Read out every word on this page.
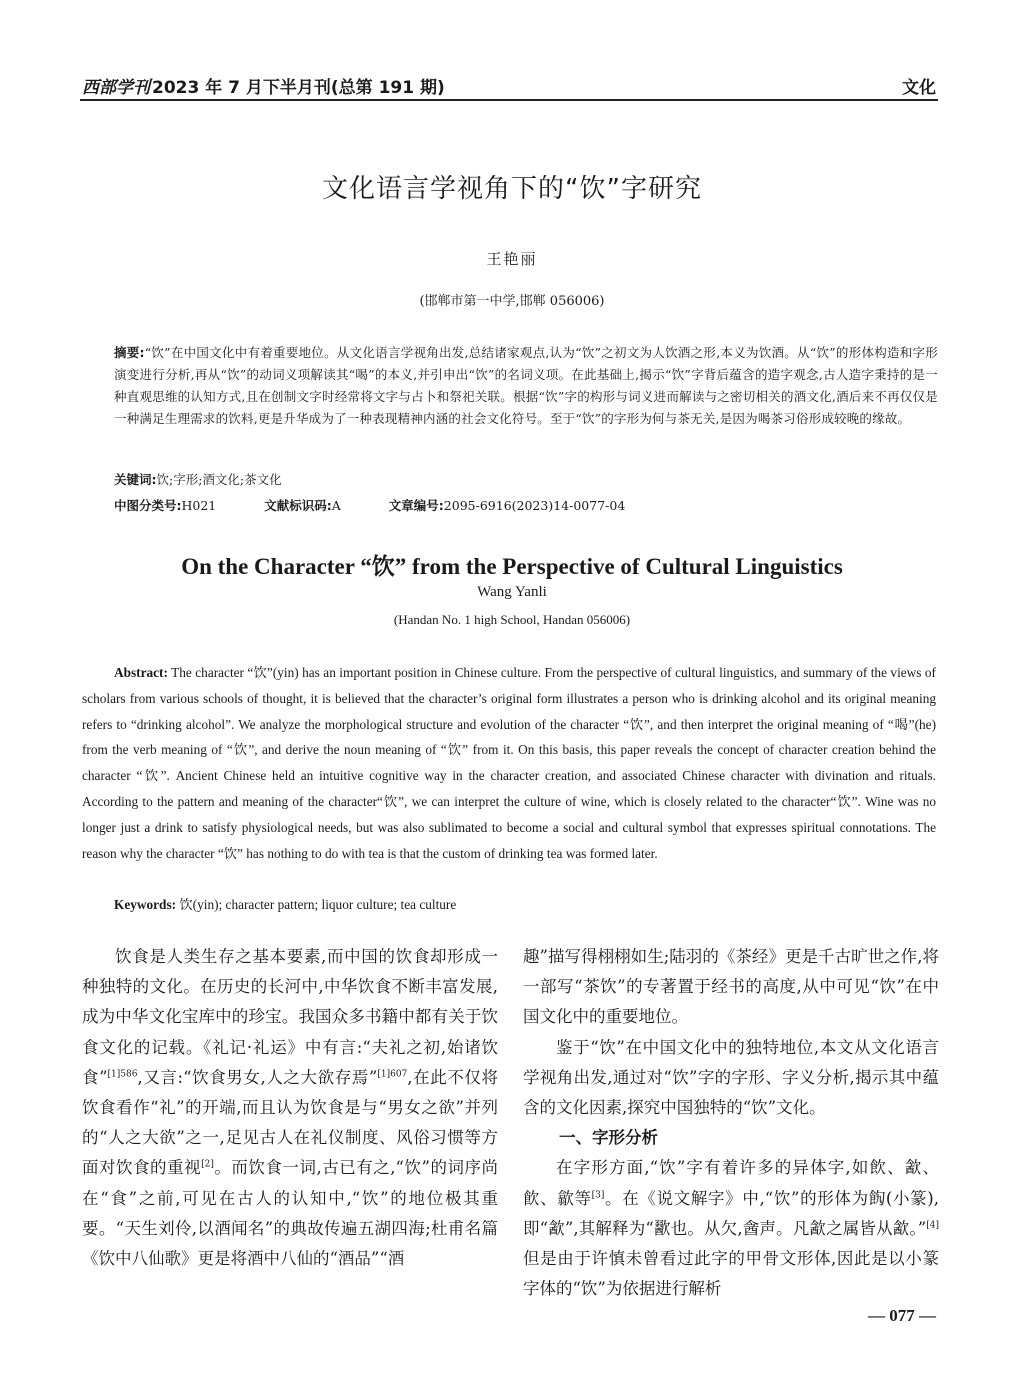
西部学刊 2023 年 7 月下半月刊(总第 191 期)	文化
文化语言学视角下的“饮”字研究
王艳丽
(邯郸市第一中学,邯郸 056006)
摘要:“饮”在中国文化中有着重要地位。从文化语言学视角出发,总结诸家观点,认为“饮”之初文为人饮酒之形,本义为饮酒。从“饮”的形体构造和字形演变进行分析,再从“饮”的动词义项解读其“喝”的本义,并引申出“饮”的名词义项。在此基础上,揭示“饮”字背后蕴含的造字观念,古人造字秉持的是一种直观思维的认知方式,且在创制文字时经常将文字与占卜和祭祀关联。根据“饮”字的构形与词义进而解读与之密切相关的酒文化,酒后来不再仅仅是一种满足生理需求的饮料,更是升华成为了一种表现精神内涵的社会文化符号。至于“饮”的字形为何与茶无关,是因为喝茶习俗形成较晚的缘故。
关键词:饮;字形;酒文化;茶文化
中图分类号:H021	文献标识码:A	文章编号:2095-6916(2023)14-0077-04
On the Character “饮” from the Perspective of Cultural Linguistics
Wang Yanli
(Handan No. 1 high School, Handan 056006)
Abstract: The character “饮”(yin) has an important position in Chinese culture. From the perspective of cultural linguistics, and summary of the views of scholars from various schools of thought, it is believed that the character’s original form illustrates a person who is drinking alcohol and its original meaning refers to “drinking alcohol”. We analyze the morphological structure and evolution of the character “饮”, and then interpret the original meaning of “喝”(he) from the verb meaning of “饮”, and derive the noun meaning of “饮” from it. On this basis, this paper reveals the concept of character creation behind the character “饮”. Ancient Chinese held an intuitive cognitive way in the character creation, and associated Chinese character with divination and rituals. According to the pattern and meaning of the character“饮”, we can interpret the culture of wine, which is closely related to the character“饮”. Wine was no longer just a drink to satisfy physiological needs, but was also sublimated to become a social and cultural symbol that expresses spiritual connotations. The reason why the character “饮” has nothing to do with tea is that the custom of drinking tea was formed later.
Keywords: 饮(yin); character pattern; liquor culture; tea culture

饮食是人类生存之基本要素,而中国的饮食却形成一种独特的文化。在历史的长河中,中华饮食不断丰富发展,成为中华文化宝库中的珍宝。我国众多书籍中都有关于饮食文化的记载。《礼记·礼运》中有言:“夫礼之初,始诸饮食”$^{[1]586}$,又言:“饮食男女,人之大欲存焉”$^{[1]607}$,在此不仅将饮食看作“礼”的开端,而且认为饮食是与“男女之欲”并列的“人之大欲”之一,足见古人在礼仪制度、风俗习惯等方面对饮食的重视[2]。而饮食一词,古已有之,“饮”的词序尚在“食”之前,可见在古人的认知中,“饮”的地位极其重要。“天生刘伶,以酒闻名”的典故传遍五湖四海;杜甫名篇《饮中八仙歌》更是将酒中八仙的“酒品”“酒

趣”描写得栩栩如生;陆羽的《茶经》更是千古旷世之作,将一部写“茶饮”的专著置于经书的高度,从中可见“饮”在中国文化中的重要地位。

鉴于“饮”在中国文化中的独特地位,本文从文化语言学视角出发,通过对“饮”字的字形、字义分析,揭示其中蕴含的文化因素,探究中国独特的“饮”文化。

一、字形分析

在字形方面,“饮”字有着许多的异体字,如飲、㱃、飮、歙等[3]。在《说文解字》中,“饮”的形体为䬨(小篆),即“㱃”,其解释为“歠也。从欠,酓声。凡㱃之属皆从㱃。”[4]但是由于许慎未曾看过此字的甲骨文形体,因此是以小篆字体的“饮”为依据进行解析

— 077 —
